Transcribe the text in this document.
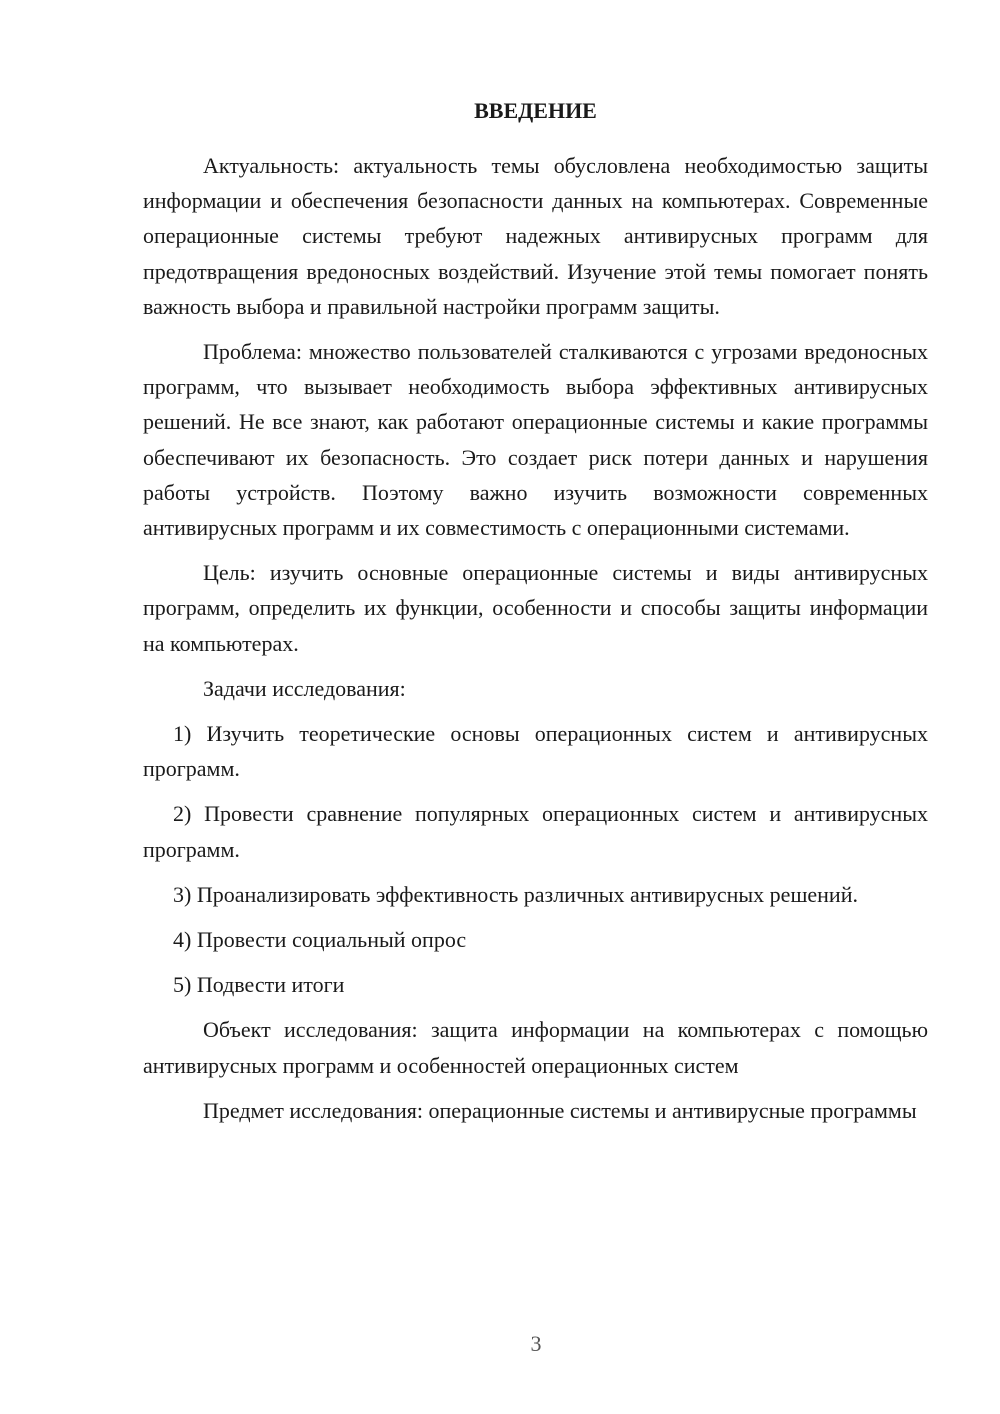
ВВЕДЕНИЕ

Актуальность: актуальность темы обусловлена необходимостью защиты информации и обеспечения безопасности данных на компьютерах. Современные операционные системы требуют надежных антивирусных программ для предотвращения вредоносных воздействий. Изучение этой темы помогает понять важность выбора и правильной настройки программ защиты.

Проблема: множество пользователей сталкиваются с угрозами вредоносных программ, что вызывает необходимость выбора эффективных антивирусных решений. Не все знают, как работают операционные системы и какие программы обеспечивают их безопасность. Это создает риск потери данных и нарушения работы устройств. Поэтому важно изучить возможности современных антивирусных программ и их совместимость с операционными системами.

Цель: изучить основные операционные системы и виды антивирусных программ, определить их функции, особенности и способы защиты информации на компьютерах.

Задачи исследования:

1) Изучить теоретические основы операционных систем и антивирусных программ.

2) Провести сравнение популярных операционных систем и антивирусных программ.

3) Проанализировать эффективность различных антивирусных решений.

4) Провести социальный опрос

5) Подвести итоги

Объект исследования: защита информации на компьютерах с помощью антивирусных программ и особенностей операционных систем

Предмет исследования: операционные системы и антивирусные программы

3
